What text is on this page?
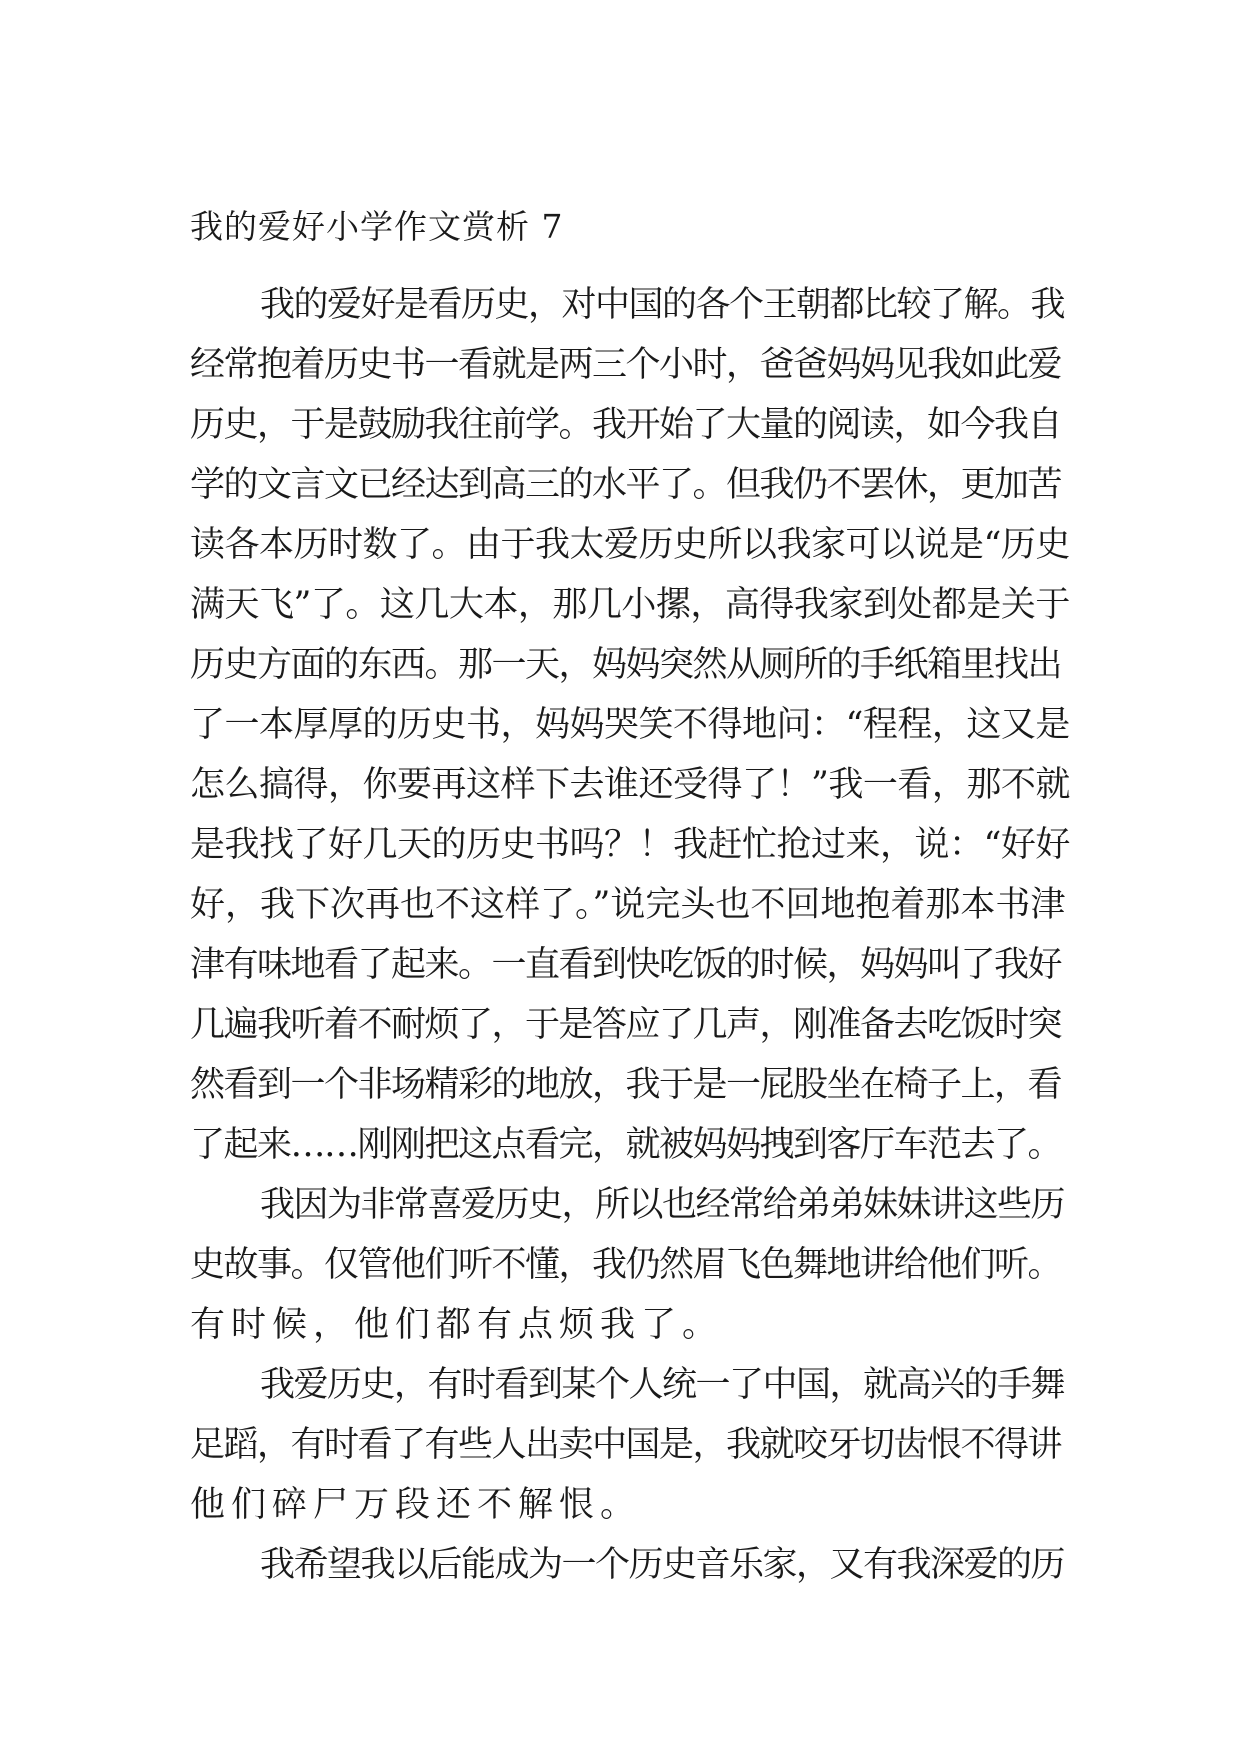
我的爱好小学作文赏析 7
我的爱好是看历史，对中国的各个王朝都比较了解。我
经常抱着历史书一看就是两三个小时，爸爸妈妈见我如此爱
历史，于是鼓励我往前学。我开始了大量的阅读，如今我自
学的文言文已经达到高三的水平了。但我仍不罢休，更加苦
读各本历时数了。由于我太爱历史所以我家可以说是“历史
满天飞”了。这几大本，那几小摞，高得我家到处都是关于
历史方面的东西。那一天，妈妈突然从厕所的手纸箱里找出
了一本厚厚的历史书，妈妈哭笑不得地问：“程程，这又是
怎么搞得，你要再这样下去谁还受得了！”我一看，那不就
是我找了好几天的历史书吗？！我赶忙抢过来，说：“好好
好，我下次再也不这样了。”说完头也不回地抱着那本书津
津有味地看了起来。一直看到快吃饭的时候，妈妈叫了我好
几遍我听着不耐烦了，于是答应了几声，刚准备去吃饭时突
然看到一个非场精彩的地放，我于是一屁股坐在椅子上，看
了起来……刚刚把这点看完，就被妈妈拽到客厅车范去了。
我因为非常喜爱历史，所以也经常给弟弟妹妹讲这些历
史故事。仅管他们听不懂，我仍然眉飞色舞地讲给他们听。
有时候，他们都有点烦我了。
我爱历史，有时看到某个人统一了中国，就高兴的手舞
足蹈，有时看了有些人出卖中国是，我就咬牙切齿恨不得讲
他们碎尸万段还不解恨。
我希望我以后能成为一个历史音乐家，又有我深爱的历
